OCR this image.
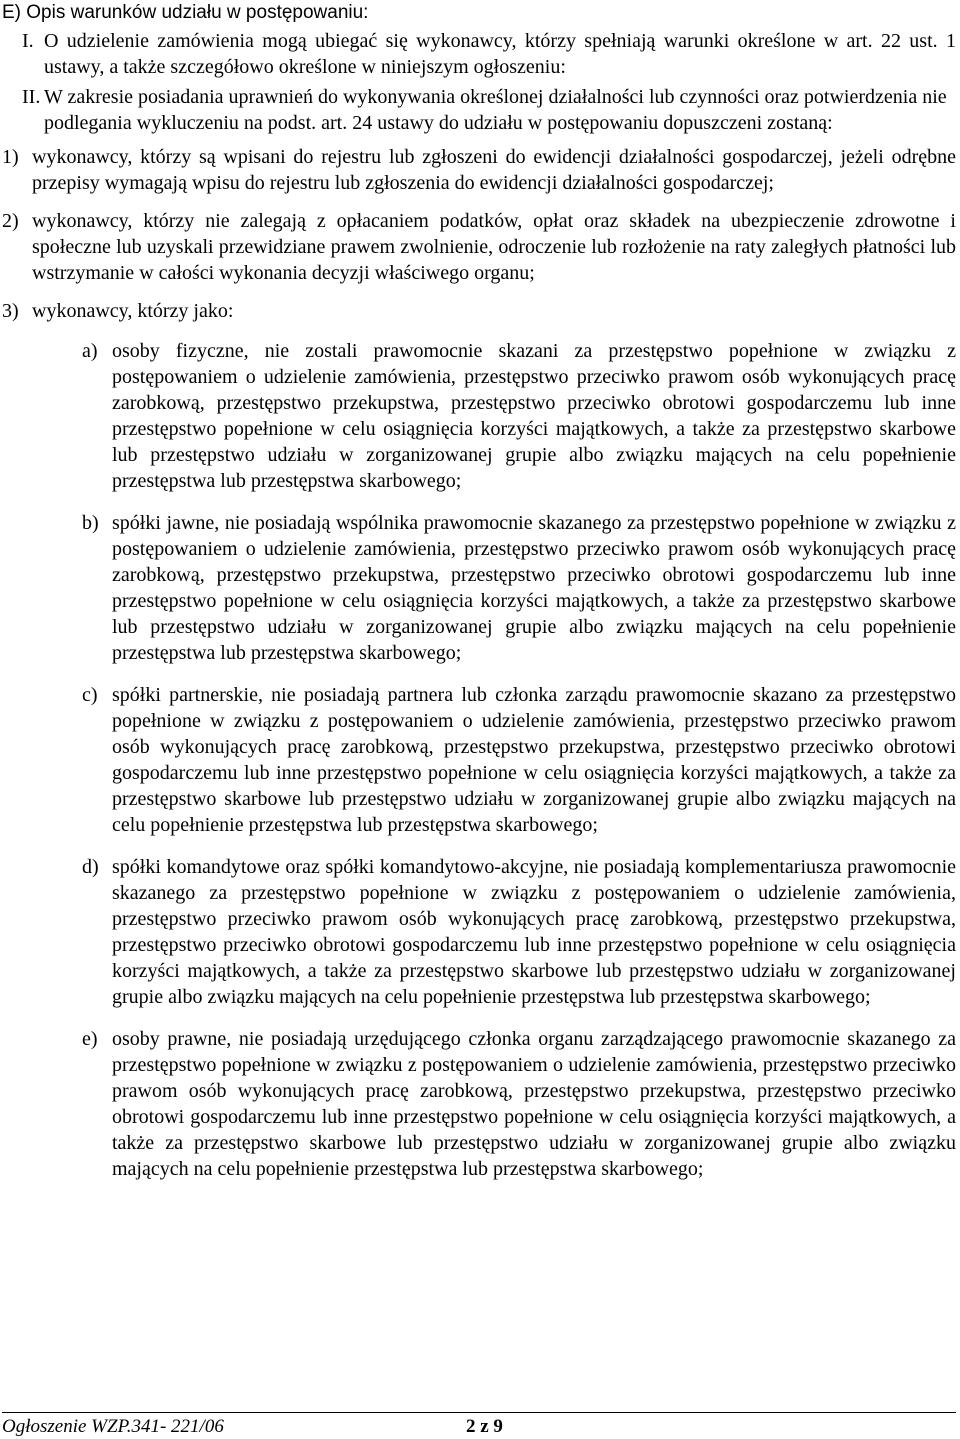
E) Opis warunków udziału w postępowaniu:

I. O udzielenie zamówienia mogą ubiegać się wykonawcy, którzy spełniają warunki określone w art. 22 ust. 1 ustawy, a także szczegółowo określone w niniejszym ogłoszeniu:
II. W zakresie posiadania uprawnień do wykonywania określonej działalności lub czynności oraz potwierdzenia nie podlegania wykluczeniu na podst. art. 24 ustawy do udziału w postępowaniu dopuszczeni zostaną:
1) wykonawcy, którzy są wpisani do rejestru lub zgłoszeni do ewidencji działalności gospodarczej, jeżeli odrębne przepisy wymagają wpisu do rejestru lub zgłoszenia do ewidencji działalności gospodarczej;
2) wykonawcy, którzy nie zalegają z opłacaniem podatków, opłat oraz składek na ubezpieczenie zdrowotne i społeczne lub uzyskali przewidziane prawem zwolnienie, odroczenie lub rozłożenie na raty zaległych płatności lub wstrzymanie w całości wykonania decyzji właściwego organu;
3) wykonawcy, którzy jako:
a) osoby fizyczne, nie zostali prawomocnie skazani za przestępstwo popełnione w związku z postępowaniem o udzielenie zamówienia, przestępstwo przeciwko prawom osób wykonujących pracę zarobkową, przestępstwo przekupstwa, przestępstwo przeciwko obrotowi gospodarczemu lub inne przestępstwo popełnione w celu osiągnięcia korzyści majątkowych, a także za przestępstwo skarbowe lub przestępstwo udziału w zorganizowanej grupie albo związku mających na celu popełnienie przestępstwa lub przestępstwa skarbowego;
b) spółki jawne, nie posiadają wspólnika prawomocnie skazanego za przestępstwo popełnione w związku z postępowaniem o udzielenie zamówienia, przestępstwo przeciwko prawom osób wykonujących pracę zarobkową, przestępstwo przekupstwa, przestępstwo przeciwko obrotowi gospodarczemu lub inne przestępstwo popełnione w celu osiągnięcia korzyści majątkowych, a także za przestępstwo skarbowe lub przestępstwo udziału w zorganizowanej grupie albo związku mających na celu popełnienie przestępstwa lub przestępstwa skarbowego;
c) spółki partnerskie, nie posiadają partnera lub członka zarządu prawomocnie skazano za przestępstwo popełnione w związku z postępowaniem o udzielenie zamówienia, przestępstwo przeciwko prawom osób wykonujących pracę zarobkową, przestępstwo przekupstwa, przestępstwo przeciwko obrotowi gospodarczemu lub inne przestępstwo popełnione w celu osiągnięcia korzyści majątkowych, a także za przestępstwo skarbowe lub przestępstwo udziału w zorganizowanej grupie albo związku mających na celu popełnienie przestępstwa lub przestępstwa skarbowego;
d) spółki komandytowe oraz spółki komandytowo-akcyjne, nie posiadają komplementariusza prawomocnie skazanego za przestępstwo popełnione w związku z postępowaniem o udzielenie zamówienia, przestępstwo przeciwko prawom osób wykonujących pracę zarobkową, przestępstwo przekupstwa, przestępstwo przeciwko obrotowi gospodarczemu lub inne przestępstwo popełnione w celu osiągnięcia korzyści majątkowych, a także za przestępstwo skarbowe lub przestępstwo udziału w zorganizowanej grupie albo związku mających na celu popełnienie przestępstwa lub przestępstwa skarbowego;
e) osoby prawne, nie posiadają urzędującego członka organu zarządzającego prawomocnie skazanego za przestępstwo popełnione w związku z postępowaniem o udzielenie zamówienia, przestępstwo przeciwko prawom osób wykonujących pracę zarobkową, przestępstwo przekupstwa, przestępstwo przeciwko obrotowi gospodarczemu lub inne przestępstwo popełnione w celu osiągnięcia korzyści majątkowych, a także za przestępstwo skarbowe lub przestępstwo udziału w zorganizowanej grupie albo związku mających na celu popełnienie przestępstwa lub przestępstwa skarbowego;
Ogłoszenie WZP.341- 221/06	2 z 9
